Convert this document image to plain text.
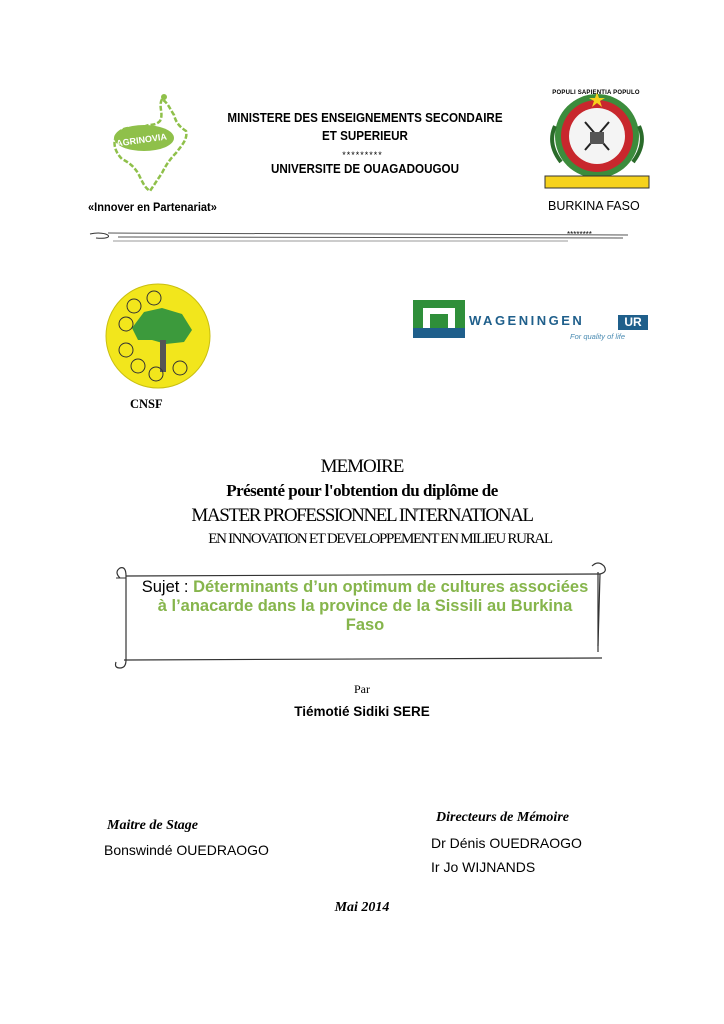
MINISTERE DES ENSEIGNEMENTS SECONDAIRE
ET SUPERIEUR
*********
UNIVERSITE DE OUAGADOUGOU
«Innover en Partenariat»	BURKINA FASO
AGRINOVIA
POPULI SAPIENTIA POPULO
********
CNSF
WAGENINGEN	UR
For quality of life
MEMOIRE
Présenté pour l'obtention du diplôme de
MASTER PROFESSIONNEL INTERNATIONAL
EN INNOVATION ET DEVELOPPEMENT EN MILIEU RURAL
Sujet : Déterminants d’un optimum de cultures associées à l’anacarde dans la province de la Sissili au Burkina Faso
Par
Tiémotié Sidiki SERE
Maitre de Stage
Bonswindé OUEDRAOGO
Directeurs de Mémoire
Dr Dénis OUEDRAOGO
Ir Jo WIJNANDS
Mai 2014
